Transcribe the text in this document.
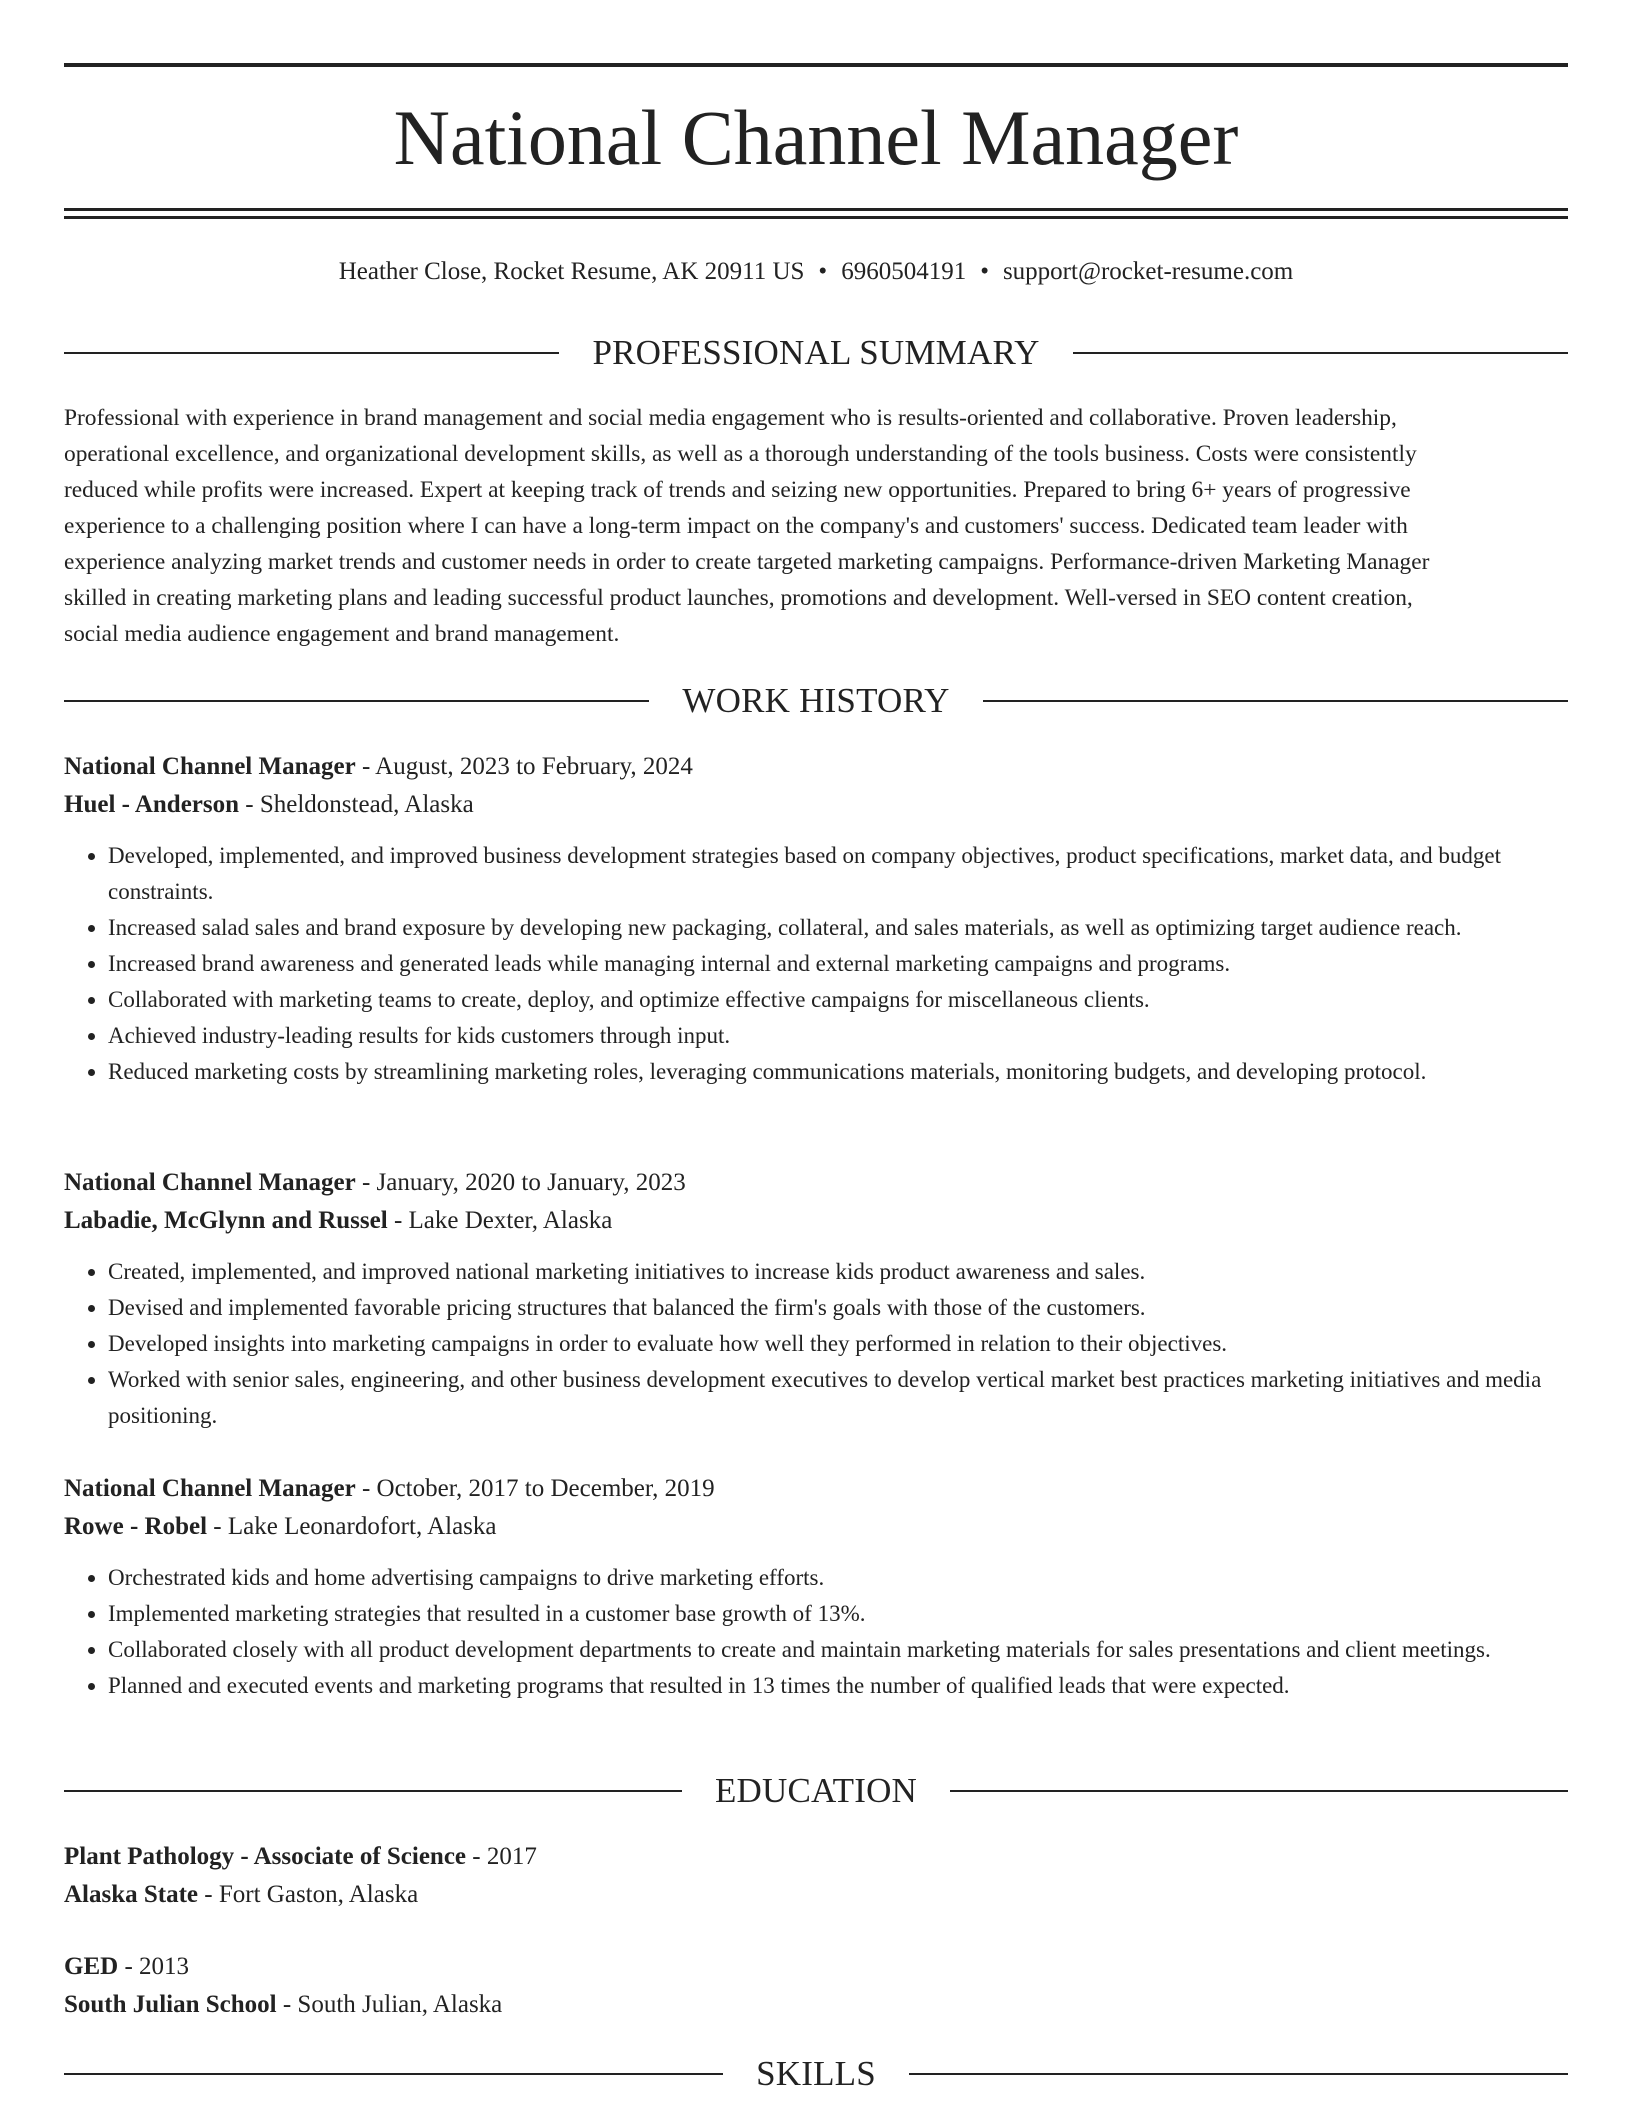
National Channel Manager
Heather Close, Rocket Resume, AK 20911 US • 6960504191 • support@rocket-resume.com
PROFESSIONAL SUMMARY
Professional with experience in brand management and social media engagement who is results-oriented and collaborative. Proven leadership,
operational excellence, and organizational development skills, as well as a thorough understanding of the tools business. Costs were consistently
reduced while profits were increased. Expert at keeping track of trends and seizing new opportunities. Prepared to bring 6+ years of progressive
experience to a challenging position where I can have a long-term impact on the company's and customers' success. Dedicated team leader with
experience analyzing market trends and customer needs in order to create targeted marketing campaigns. Performance-driven Marketing Manager
skilled in creating marketing plans and leading successful product launches, promotions and development. Well-versed in SEO content creation,
social media audience engagement and brand management.
WORK HISTORY
National Channel Manager - August, 2023 to February, 2024
Huel - Anderson - Sheldonstead, Alaska
• Developed, implemented, and improved business development strategies based on company objectives, product specifications, market data, and budget constraints.
• Increased salad sales and brand exposure by developing new packaging, collateral, and sales materials, as well as optimizing target audience reach.
• Increased brand awareness and generated leads while managing internal and external marketing campaigns and programs.
• Collaborated with marketing teams to create, deploy, and optimize effective campaigns for miscellaneous clients.
• Achieved industry-leading results for kids customers through input.
• Reduced marketing costs by streamlining marketing roles, leveraging communications materials, monitoring budgets, and developing protocol.
National Channel Manager - January, 2020 to January, 2023
Labadie, McGlynn and Russel - Lake Dexter, Alaska
• Created, implemented, and improved national marketing initiatives to increase kids product awareness and sales.
• Devised and implemented favorable pricing structures that balanced the firm's goals with those of the customers.
• Developed insights into marketing campaigns in order to evaluate how well they performed in relation to their objectives.
• Worked with senior sales, engineering, and other business development executives to develop vertical market best practices marketing initiatives and media positioning.
National Channel Manager - October, 2017 to December, 2019
Rowe - Robel - Lake Leonardofort, Alaska
• Orchestrated kids and home advertising campaigns to drive marketing efforts.
• Implemented marketing strategies that resulted in a customer base growth of 13%.
• Collaborated closely with all product development departments to create and maintain marketing materials for sales presentations and client meetings.
• Planned and executed events and marketing programs that resulted in 13 times the number of qualified leads that were expected.
EDUCATION
Plant Pathology - Associate of Science - 2017
Alaska State - Fort Gaston, Alaska
GED - 2013
South Julian School - South Julian, Alaska
SKILLS
